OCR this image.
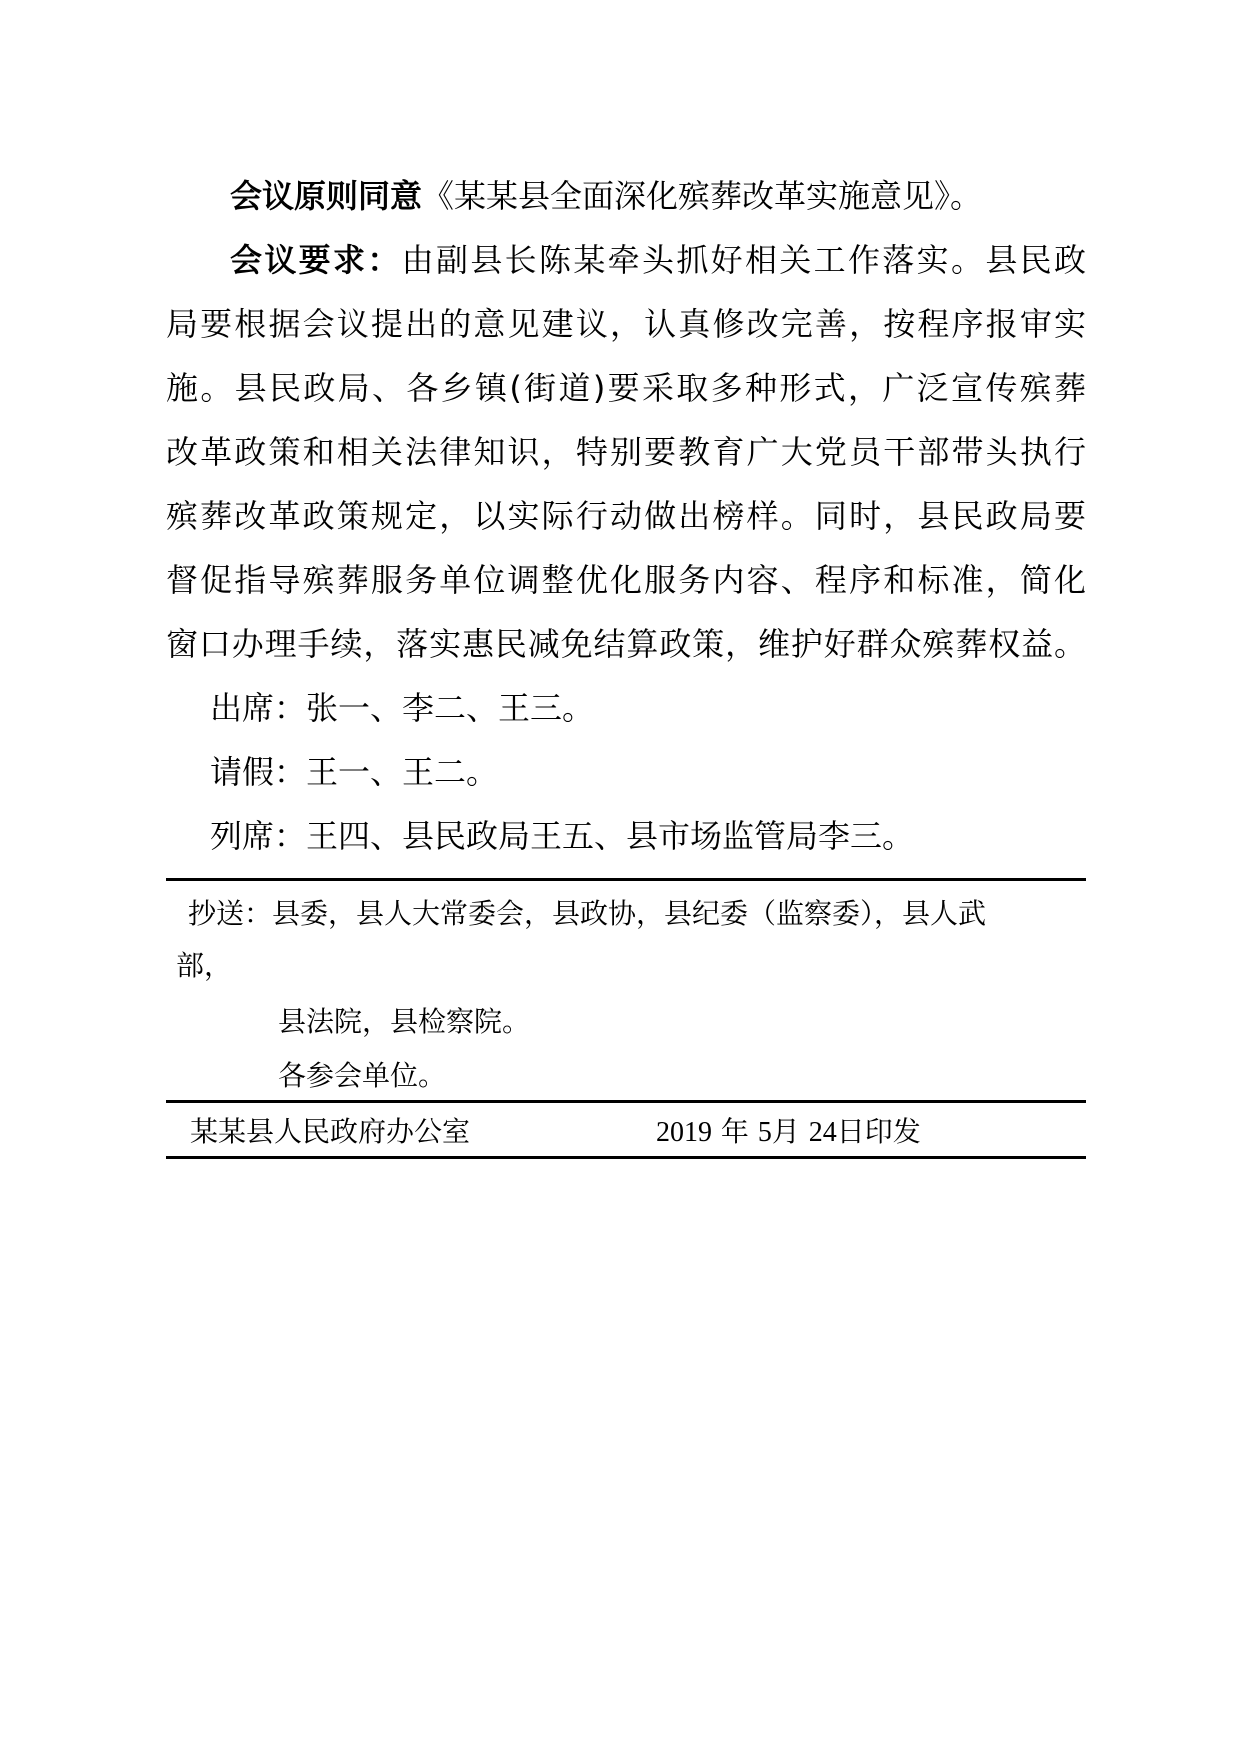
会议原则同意《某某县全面深化殡葬改革实施意见》。
会议要求：由副县长陈某牵头抓好相关工作落实。县民政
局要根据会议提出的意见建议，认真修改完善，按程序报审实
施。县民政局、各乡镇(街道)要采取多种形式，广泛宣传殡葬
改革政策和相关法律知识，特别要教育广大党员干部带头执行
殡葬改革政策规定，以实际行动做出榜样。同时，县民政局要
督促指导殡葬服务单位调整优化服务内容、程序和标准，简化
窗口办理手续，落实惠民减免结算政策，维护好群众殡葬权益。
出席：张一、李二、王三。
请假：王一、王二。
列席：王四、县民政局王五、县市场监管局李三。
抄送：县委，县人大常委会，县政协，县纪委（监察委），县人武
部，
县法院，县检察院。
各参会单位。
某某县人民政府办公室	2019 年 5月 24日印发
